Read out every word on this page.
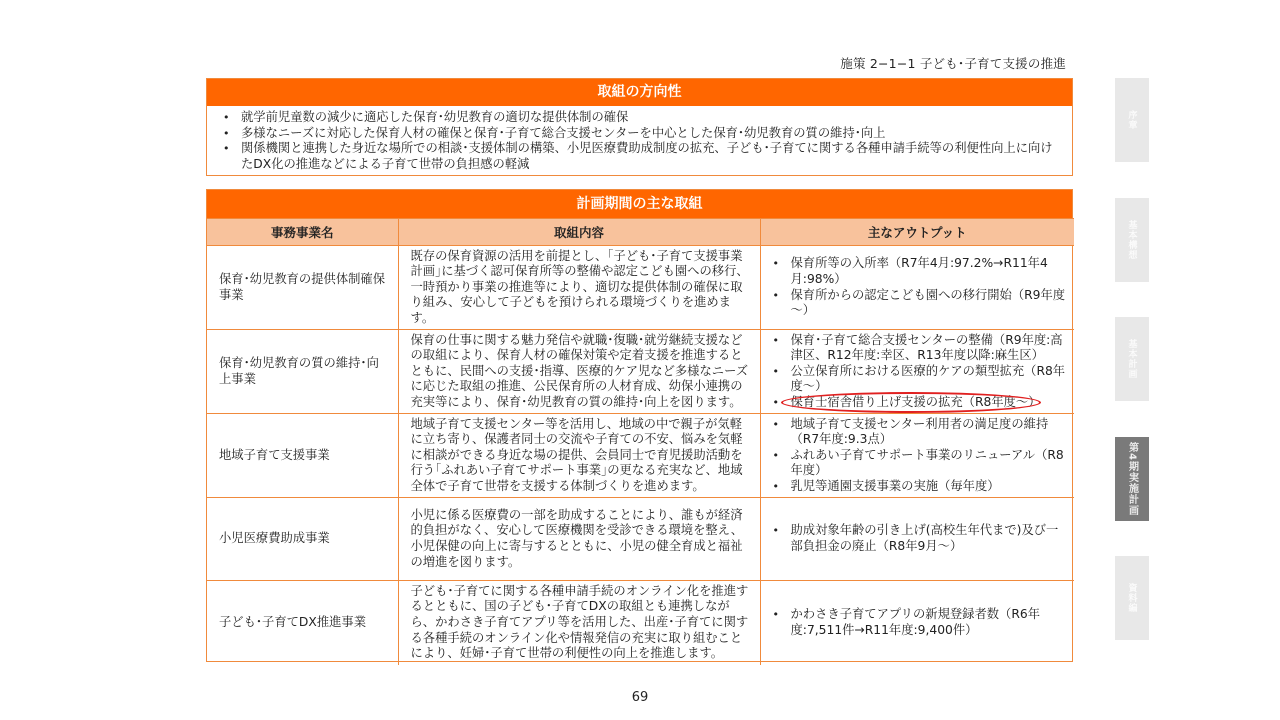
施策 2−1−1 子ども･子育て支援の推進
取組の方向性
• 就学前児童数の減少に適応した保育･幼児教育の適切な提供体制の確保
• 多様なニーズに対応した保育人材の確保と保育･子育て総合支援センターを中心とした保育･幼児教育の質の維持･向上
• 関係機関と連携した身近な場所での相談･支援体制の構築、小児医療費助成制度の拡充、子ども･子育てに関する各種申請手続等の利便性向上に向けたDX化の推進などによる子育て世帯の負担感の軽減
計画期間の主な取組
事務事業名	取組内容	主なアウトプット
保育･幼児教育の提供体制確保事業	既存の保育資源の活用を前提とし、｢子ども･子育て支援事業計画｣に基づく認可保育所等の整備や認定こども園への移行、一時預かり事業の推進等により、適切な提供体制の確保に取り組み、安心して子どもを預けられる環境づくりを進めます。	
• 保育所等の入所率（R7年4月:97.2%→R11年4月:98%）
• 保育所からの認定こども園への移行開始（R9年度～）

保育･幼児教育の質の維持･向上事業	保育の仕事に関する魅力発信や就職･復職･就労継続支援などの取組により、保育人材の確保対策や定着支援を推進するとともに、民間への支援･指導、医療的ケア児など多様なニーズに応じた取組の推進、公民保育所の人材育成、幼保小連携の充実等により、保育･幼児教育の質の維持･向上を図ります。	
• 保育･子育て総合支援センターの整備（R9年度:高津区、R12年度:幸区、R13年度以降:麻生区）
• 公立保育所における医療的ケアの類型拡充（R8年度～）
• 保育士宿舎借り上げ支援の拡充（R8年度～）

地域子育て支援事業	地域子育て支援センター等を活用し、地域の中で親子が気軽に立ち寄り、保護者同士の交流や子育ての不安、悩みを気軽に相談ができる身近な場の提供、会員同士で育児援助活動を行う｢ふれあい子育てサポート事業｣の更なる充実など、地域全体で子育て世帯を支援する体制づくりを進めます。	
• 地域子育て支援センター利用者の満足度の維持（R7年度:9.3点）
• ふれあい子育てサポート事業のリニューアル（R8年度）
• 乳児等通園支援事業の実施（毎年度）

小児医療費助成事業	小児に係る医療費の一部を助成することにより、誰もが経済的負担がなく、安心して医療機関を受診できる環境を整え、小児保健の向上に寄与するとともに、小児の健全育成と福祉の増進を図ります。	
• 助成対象年齢の引き上げ(高校生年代まで)及び一部負担金の廃止（R8年9月～）

子ども･子育てDX推進事業	子ども･子育てに関する各種申請手続のオンライン化を推進するとともに、国の子ども･子育てDXの取組とも連携しながら、かわさき子育てアプリ等を活用した、出産･子育てに関する各種手続のオンライン化や情報発信の充実に取り組むことにより、妊婦･子育て世帯の利便性の向上を推進します。	
• かわさき子育てアプリの新規登録者数（R6年度:7,511件→R11年度:9,400件）
序章
基本構想
基本計画
第4期実施計画
資料編
69
